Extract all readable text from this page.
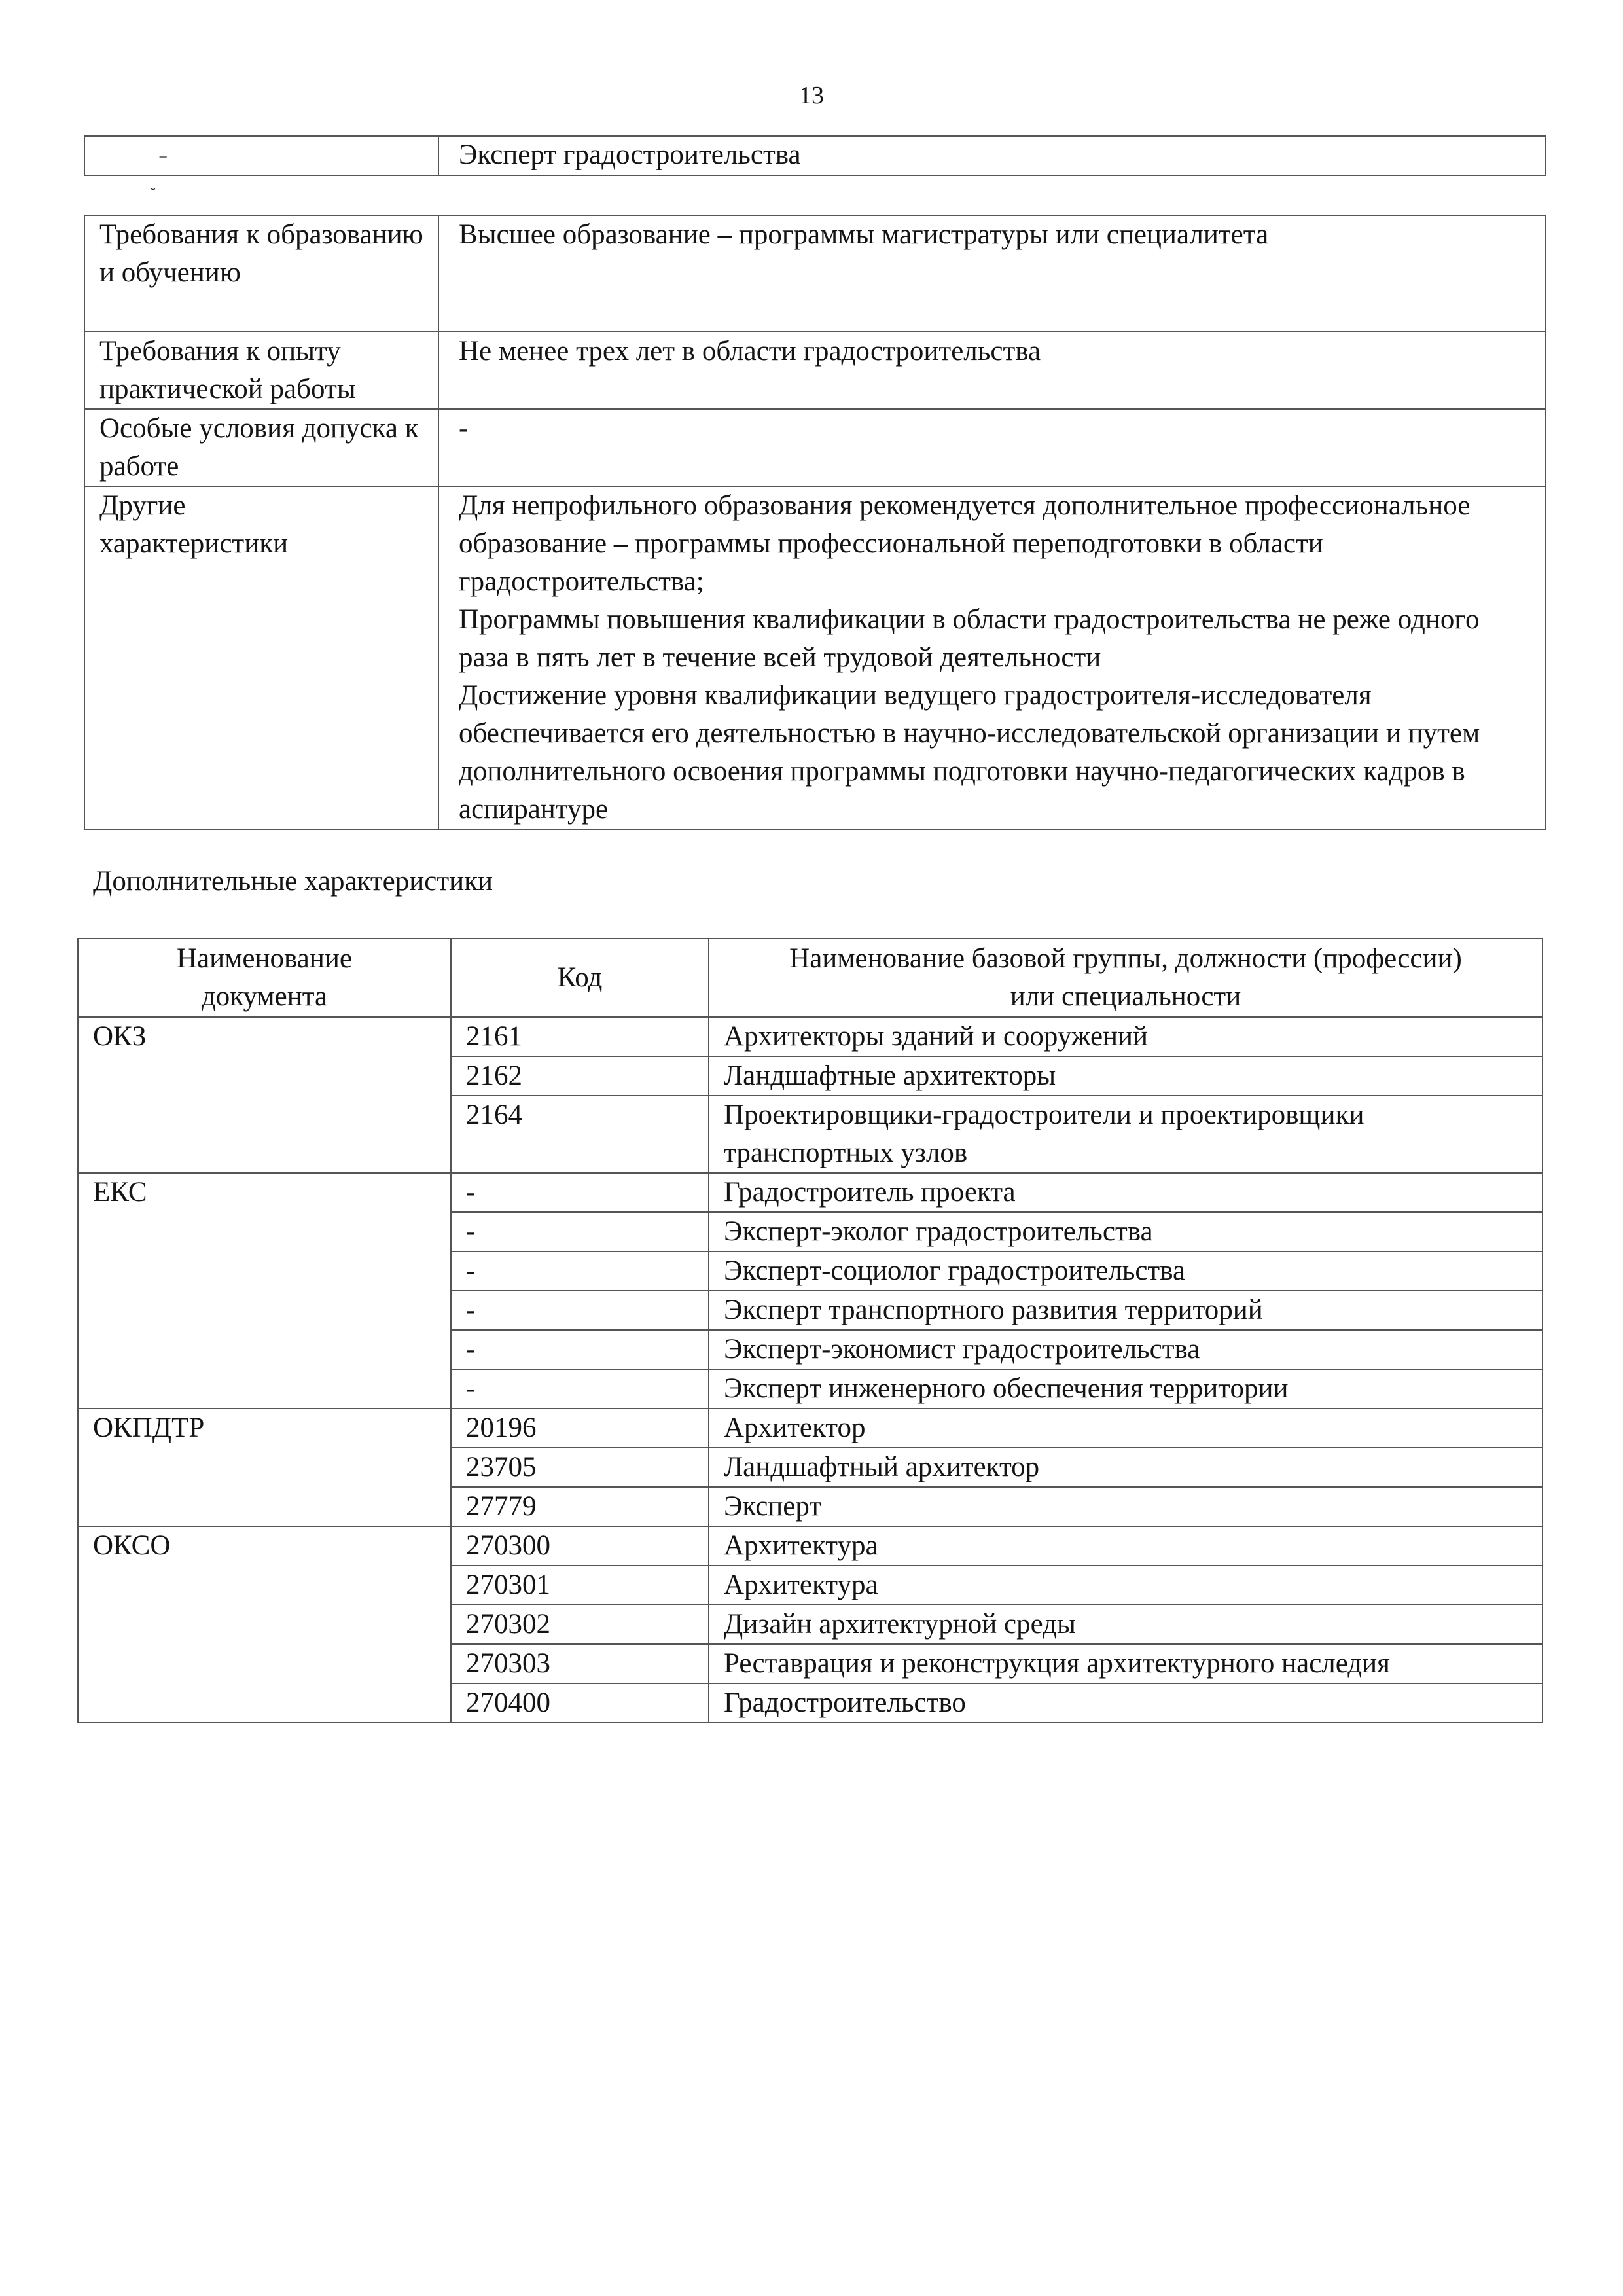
13
-	Эксперт градостроительства
˘
Требования к образованию и обучению	Высшее образование – программы магистратуры или специалитета
Требования к опыту практической работы	Не менее трех лет в области градостроительства
Особые условия допуска к работе	-

Другие характеристики	Для непрофильного образования рекомендуется дополнительное профессиональное образование – программы профессиональной переподготовки в области градостроительства;
Программы повышения квалификации в области градостроительства не реже одного раза в пять лет в течение всей трудовой деятельности
Достижение уровня квалификации ведущего градостроителя-исследователя обеспечивается его деятельностью в научно-исследовательской организации и путем дополнительного освоения программы подготовки научно-педагогических кадров в аспирантуре
Дополнительные характеристики
Наименование документа	Код	Наименование базовой группы, должности (профессии) или специальности

ОКЗ	2161	Архитекторы зданий и сооружений
	2162	Ландшафтные архитекторы
	2164	Проектировщики-градостроители и проектировщики транспортных узлов
ЕКС	-	Градостроитель проекта
	-	Эксперт-эколог градостроительства
	-	Эксперт-социолог градостроительства
	-	Эксперт транспортного развития территорий
	-	Эксперт-экономист градостроительства
	-	Эксперт инженерного обеспечения территории
ОКПДТР	20196	Архитектор
	23705	Ландшафтный архитектор
	27779	Эксперт
ОКСО	270300	Архитектура
	270301	Архитектура
	270302	Дизайн архитектурной среды
	270303	Реставрация и реконструкция архитектурного наследия
	270400	Градостроительство
